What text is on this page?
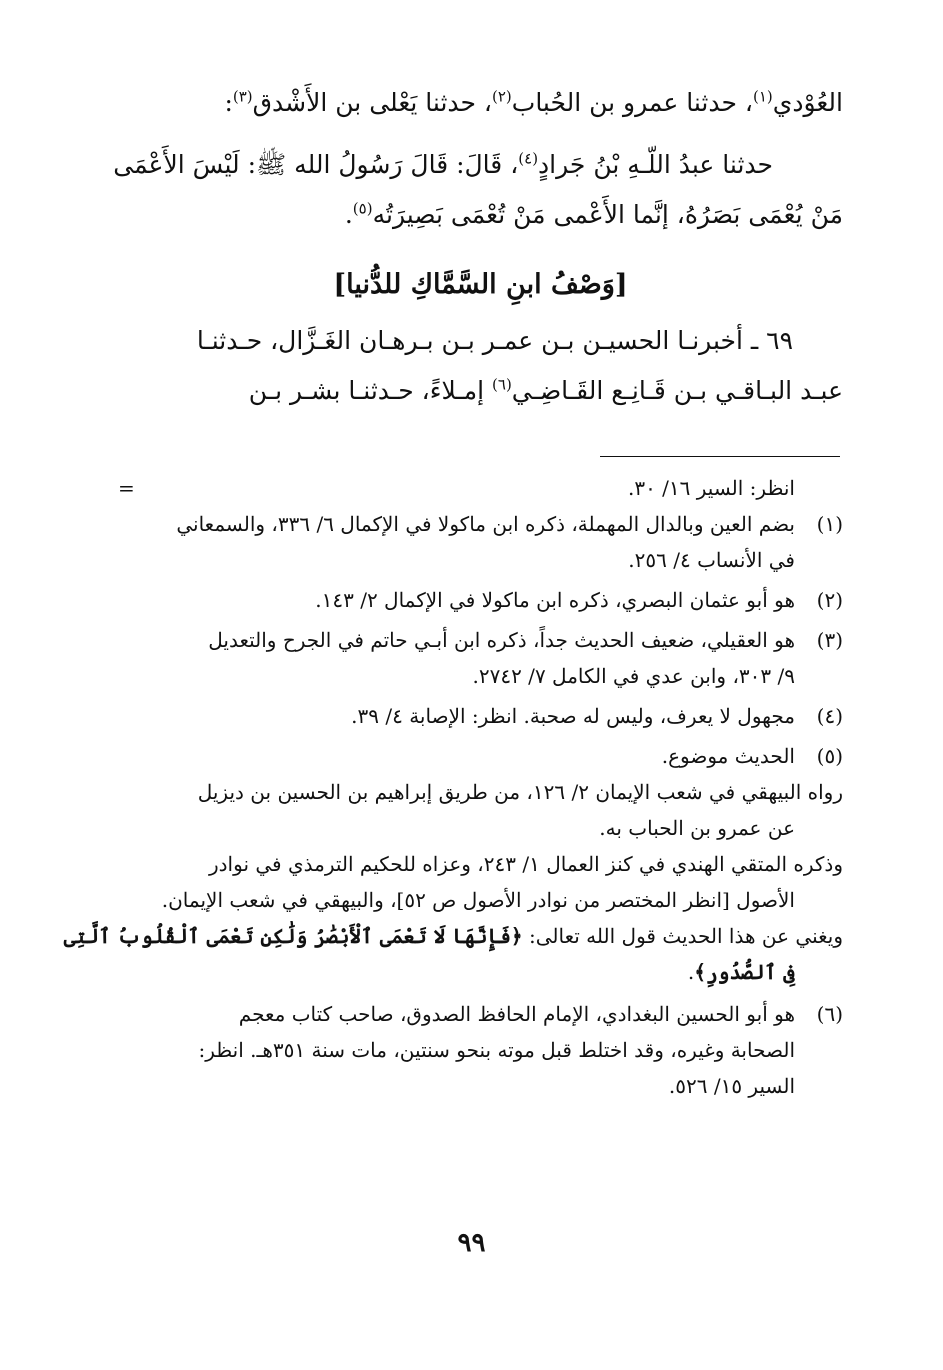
العُوْدي$^{(١)}$، حدثنا عمرو بن الحُباب$^{(٢)}$، حدثنا يَعْلى بن الأَشْدق$^{(٣)}$:
حدثنا عبدُ اللّـهِ بْنُ جَرادٍ$^{(٤)}$، قَالَ: قَالَ رَسُولُ الله ﷺ: لَيْسَ الأَعْمَى
مَنْ يُعْمَى بَصَرُهُ، إنَّما الأَعْمى مَنْ تُعْمَى بَصِيرَتُه$^{(٥)}$.
[وَصْفُ ابنِ السَّمَّاكِ للدُّنيا]
٦٩ ـ أخبرنـا الحسيـن بـن عمـر بـن بـرهـان الغَـزَّال، حـدثنـا
عبـد البـاقـي بـن قَـانِـع القَـاضِـي$^{(٦)}$ إمـلاءً، حـدثنـا بشـر بـن
=	انظر: السير ١٦/ ٣٠.
(١)
بضم العين وبالدال المهملة، ذكره ابن ماكولا في الإكمال ٦/ ٣٣٦، والسمعاني
في الأنساب ٤/ ٢٥٦.
(٢)
هو أبو عثمان البصري، ذكره ابن ماكولا في الإكمال ٢/ ١٤٣.
(٣)
هو العقيلي، ضعيف الحديث جداً، ذكره ابن أبـي حاتم في الجرح والتعديل
٩/ ٣٠٣، وابن عدي في الكامل ٧/ ٢٧٤٢.
(٤)
مجهول لا يعرف، وليس له صحبة. انظر: الإصابة ٤/ ٣٩.
(٥)
الحديث موضوع.
رواه البيهقي في شعب الإيمان ٢/ ١٢٦، من طريق إبراهيم بن الحسين بن ديزيل
عن عمرو بن الحباب به.
وذكره المتقي الهندي في كنز العمال ١/ ٢٤٣، وعزاه للحكيم الترمذي في نوادر
الأصول [انظر المختصر من نوادر الأصول ص ٥٢]، والبيهقي في شعب الإيمان.
ويغني عن هذا الحديث قول الله تعالى: ﴿فَإِنَّهَا لَا تَعْمَى ٱلْأَبْصَٰرُ وَلَٰكِن تَعْمَى ٱلْقُلُوبُ ٱلَّتِى
فِى ٱلصُّدُورِ﴾.
(٦)
هو أبو الحسين البغدادي، الإمام الحافظ الصدوق، صاحب كتاب معجم
الصحابة وغيره، وقد اختلط قبل موته بنحو سنتين، مات سنة ٣٥١هـ. انظر:
السير ١٥/ ٥٢٦.
٩٩
